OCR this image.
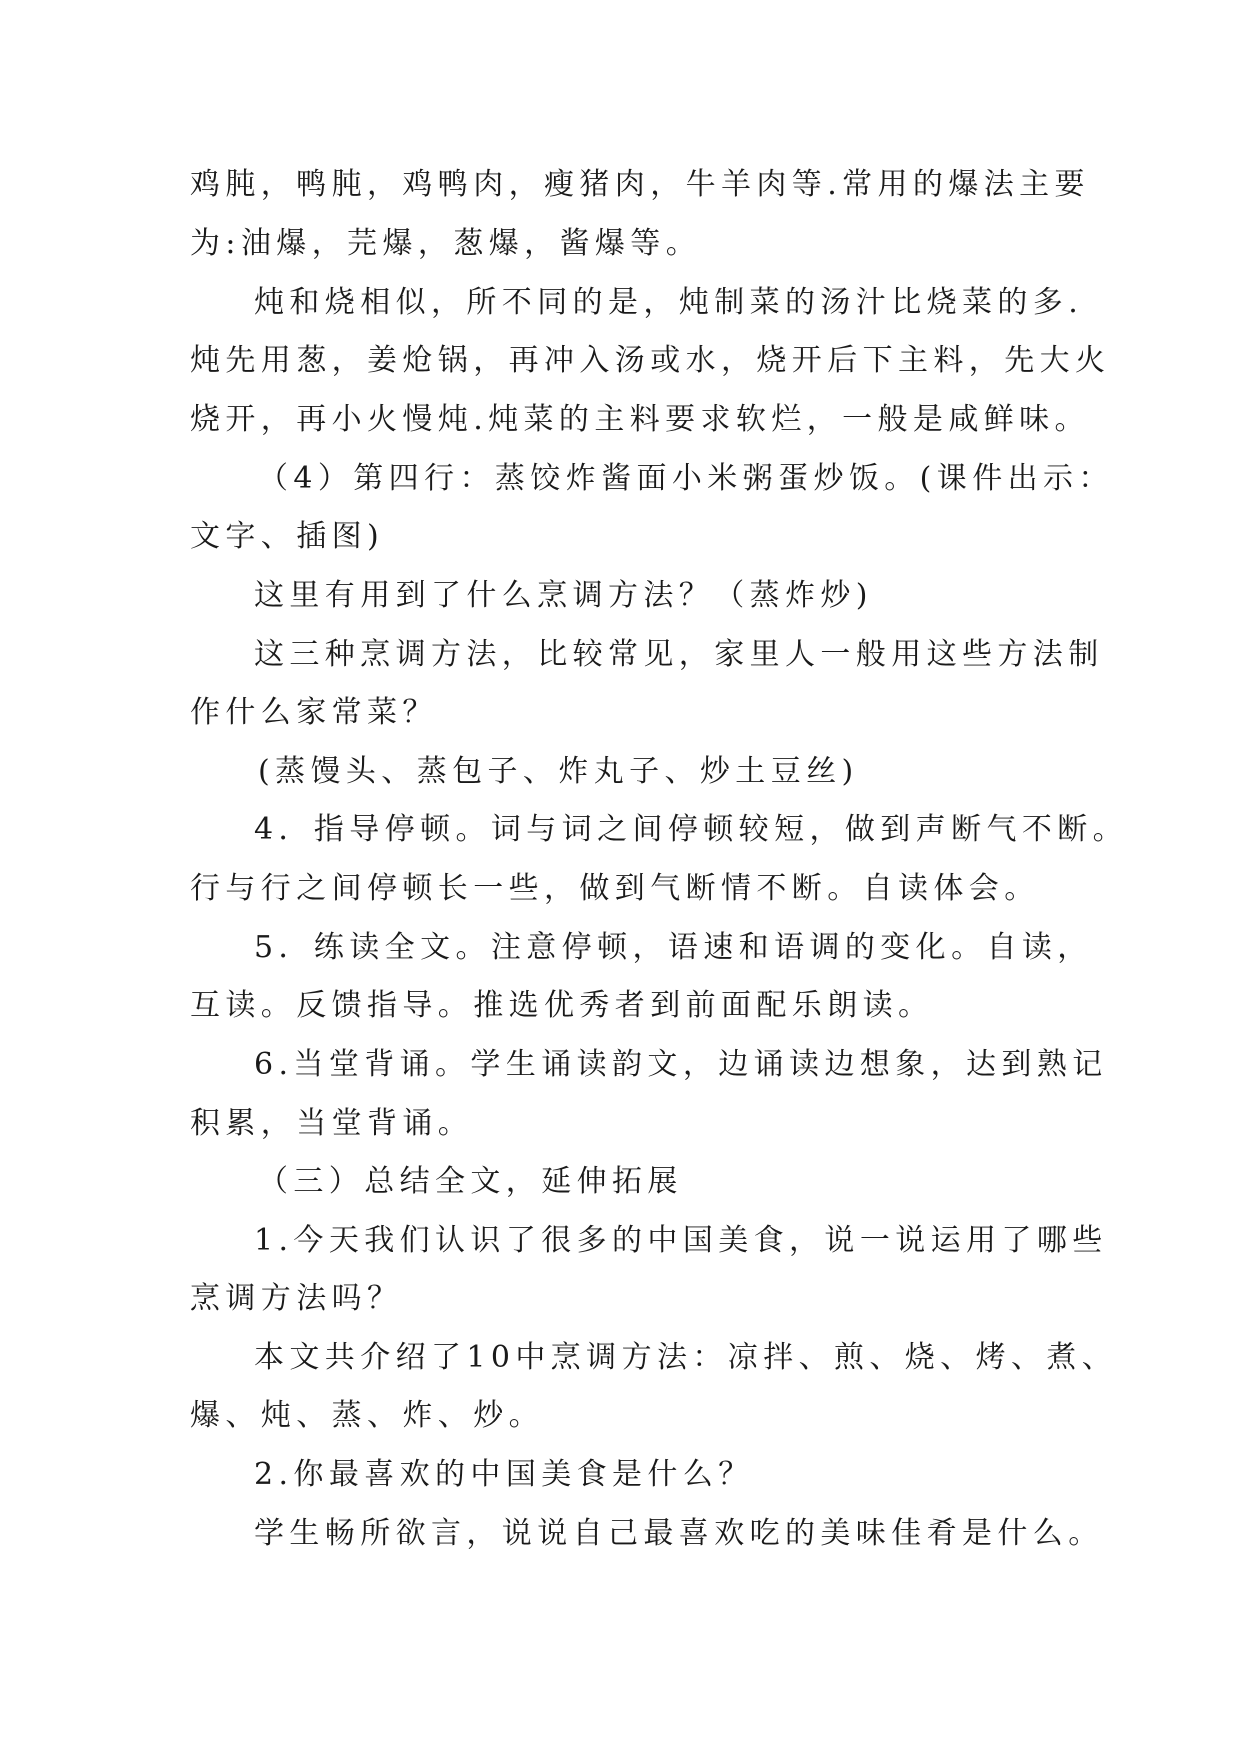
鸡肫，鸭肫，鸡鸭肉，瘦猪肉，牛羊肉等.常用的爆法主要
为:油爆，芫爆，葱爆，酱爆等。
炖和烧相似，所不同的是，炖制菜的汤汁比烧菜的多.
炖先用葱，姜炝锅，再冲入汤或水，烧开后下主料，先大火
烧开，再小火慢炖.炖菜的主料要求软烂，一般是咸鲜味。
（4）第四行：蒸饺炸酱面小米粥蛋炒饭。(课件出示：
文字、插图)
这里有用到了什么烹调方法？（蒸炸炒)
这三种烹调方法，比较常见，家里人一般用这些方法制
作什么家常菜？
(蒸馒头、蒸包子、炸丸子、炒土豆丝)
4．指导停顿。词与词之间停顿较短，做到声断气不断。
行与行之间停顿长一些，做到气断情不断。自读体会。
5．练读全文。注意停顿，语速和语调的变化。自读，
互读。反馈指导。推选优秀者到前面配乐朗读。
6.当堂背诵。学生诵读韵文，边诵读边想象，达到熟记
积累，当堂背诵。
（三）总结全文，延伸拓展
1.今天我们认识了很多的中国美食，说一说运用了哪些
烹调方法吗？
本文共介绍了10中烹调方法：凉拌、煎、烧、烤、煮、
爆、炖、蒸、炸、炒。
2.你最喜欢的中国美食是什么？
学生畅所欲言，说说自己最喜欢吃的美味佳肴是什么。
